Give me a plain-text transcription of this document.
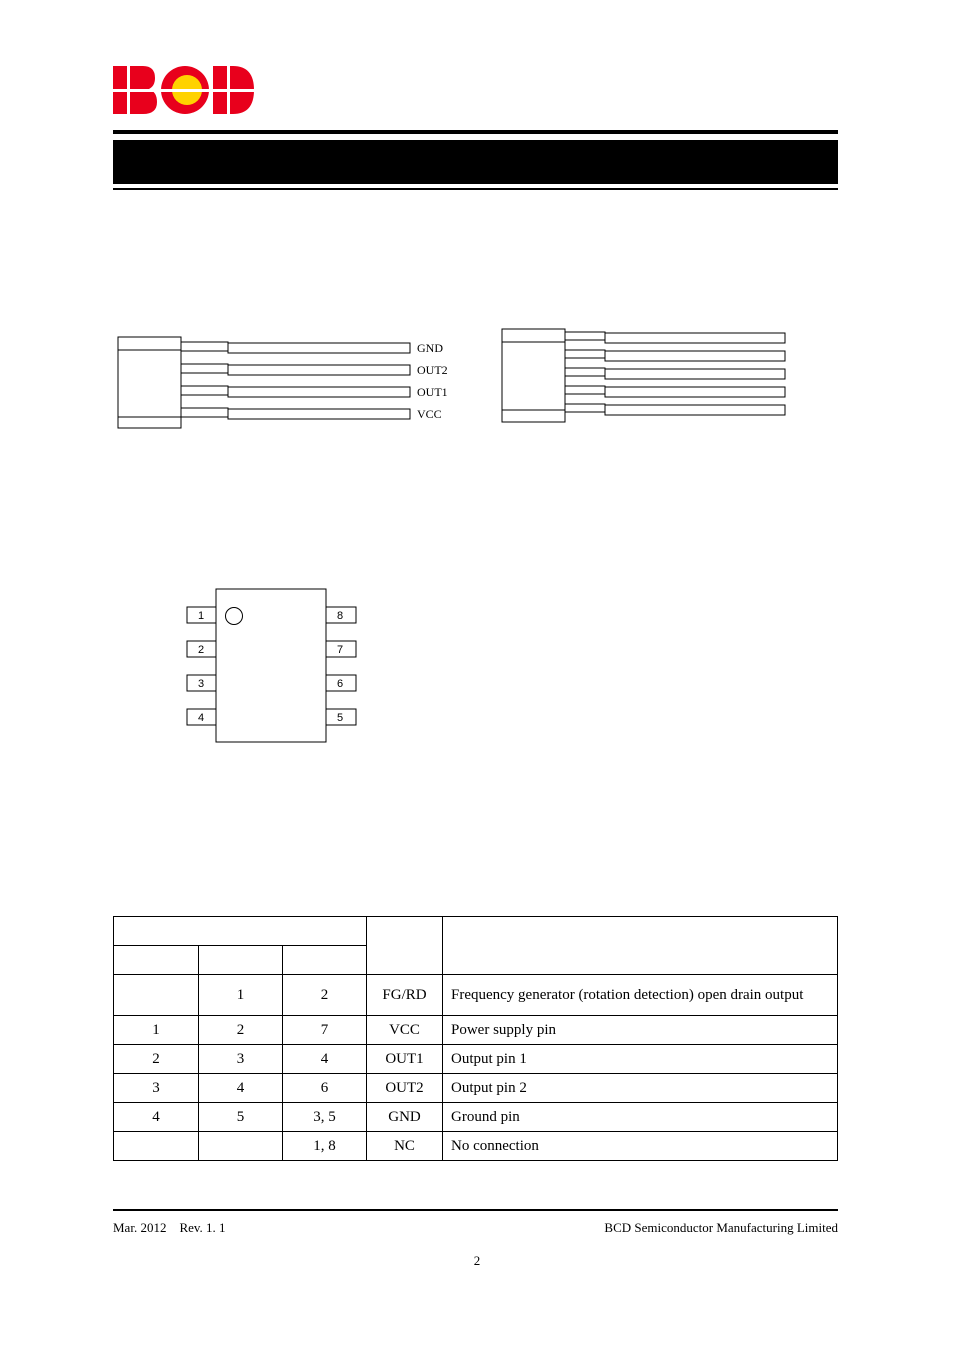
GND
OUT2
OUT1
VCC
1
2
3
4
8
7
6
5

	1	2	FG/RD	Frequency generator (rotation detection) open drain output
1	2	7	VCC	Power supply pin
2	3	4	OUT1	Output pin 1
3	4	6	OUT2	Output pin 2
4	5	3, 5	GND	Ground pin
		1, 8	NC	No connection
Mar. 2012    Rev. 1. 1	BCD Semiconductor Manufacturing Limited
2
